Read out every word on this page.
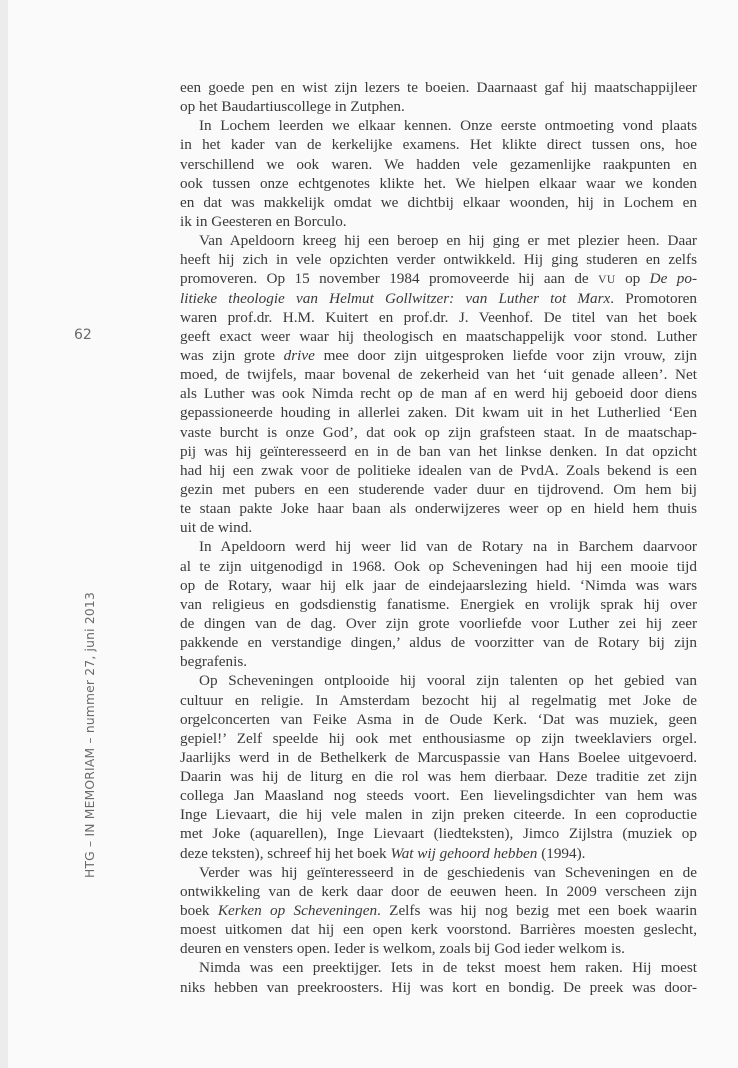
62
HTG – IN MEMORIAM – nummer 27, juni 2013
een goede pen en wist zijn lezers te boeien. Daarnaast gaf hij maatschappijleer
op het Baudartiuscollege in Zutphen.
In Lochem leerden we elkaar kennen. Onze eerste ontmoeting vond plaats
in het kader van de kerkelijke examens. Het klikte direct tussen ons, hoe
verschillend we ook waren. We hadden vele gezamenlijke raakpunten en
ook tussen onze echtgenotes klikte het. We hielpen elkaar waar we konden
en dat was makkelijk omdat we dichtbij elkaar woonden, hij in Lochem en
ik in Geesteren en Borculo.
Van Apeldoorn kreeg hij een beroep en hij ging er met plezier heen. Daar
heeft hij zich in vele opzichten verder ontwikkeld. Hij ging studeren en zelfs
promoveren. Op 15 november 1984 promoveerde hij aan de VU op De po-
litieke theologie van Helmut Gollwitzer: van Luther tot Marx. Promotoren
waren prof.dr. H.M. Kuitert en prof.dr. J. Veenhof. De titel van het boek
geeft exact weer waar hij theologisch en maatschappelijk voor stond. Luther
was zijn grote drive mee door zijn uitgesproken liefde voor zijn vrouw, zijn
moed, de twijfels, maar bovenal de zekerheid van het ‘uit genade alleen’. Net
als Luther was ook Nimda recht op de man af en werd hij geboeid door diens
gepassioneerde houding in allerlei zaken. Dit kwam uit in het Lutherlied ‘Een
vaste burcht is onze God’, dat ook op zijn grafsteen staat. In de maatschap-
pij was hij geïnteresseerd en in de ban van het linkse denken. In dat opzicht
had hij een zwak voor de politieke idealen van de PvdA. Zoals bekend is een
gezin met pubers en een studerende vader duur en tijdrovend. Om hem bij
te staan pakte Joke haar baan als onderwijzeres weer op en hield hem thuis
uit de wind.
In Apeldoorn werd hij weer lid van de Rotary na in Barchem daarvoor
al te zijn uitgenodigd in 1968. Ook op Scheveningen had hij een mooie tijd
op de Rotary, waar hij elk jaar de eindejaarslezing hield. ‘Nimda was wars
van religieus en godsdienstig fanatisme. Energiek en vrolijk sprak hij over
de dingen van de dag. Over zijn grote voorliefde voor Luther zei hij zeer
pakkende en verstandige dingen,’ aldus de voorzitter van de Rotary bij zijn
begrafenis.
Op Scheveningen ontplooide hij vooral zijn talenten op het gebied van
cultuur en religie. In Amsterdam bezocht hij al regelmatig met Joke de
orgelconcerten van Feike Asma in de Oude Kerk. ‘Dat was muziek, geen
gepiel!’ Zelf speelde hij ook met enthousiasme op zijn tweeklaviers orgel.
Jaarlijks werd in de Bethelkerk de Marcuspassie van Hans Boelee uitgevoerd.
Daarin was hij de liturg en die rol was hem dierbaar. Deze traditie zet zijn
collega Jan Maasland nog steeds voort. Een lievelingsdichter van hem was
Inge Lievaart, die hij vele malen in zijn preken citeerde. In een coproductie
met Joke (aquarellen), Inge Lievaart (liedteksten), Jimco Zijlstra (muziek op
deze teksten), schreef hij het boek Wat wij gehoord hebben (1994).
Verder was hij geïnteresseerd in de geschiedenis van Scheveningen en de
ontwikkeling van de kerk daar door de eeuwen heen. In 2009 verscheen zijn
boek Kerken op Scheveningen. Zelfs was hij nog bezig met een boek waarin
moest uitkomen dat hij een open kerk voorstond. Barrières moesten geslecht,
deuren en vensters open. Ieder is welkom, zoals bij God ieder welkom is.
Nimda was een preektijger. Iets in de tekst moest hem raken. Hij moest
niks hebben van preekroosters. Hij was kort en bondig. De preek was door-
